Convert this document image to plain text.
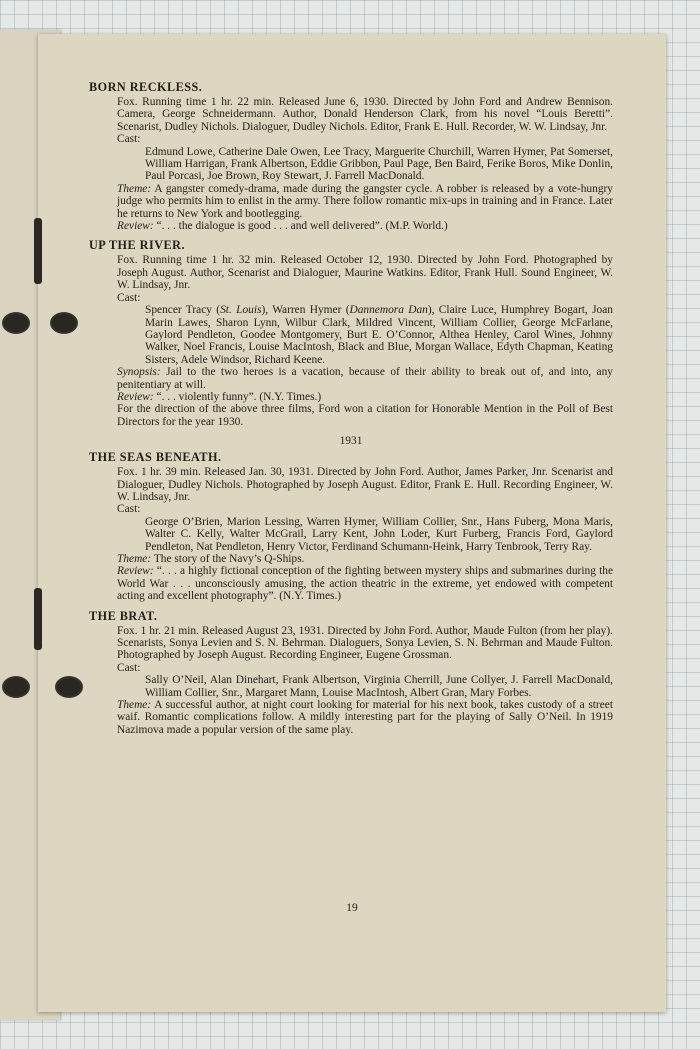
BORN RECKLESS.

Fox. Running time 1 hr. 22 min. Released June 6, 1930. Directed by John Ford and Andrew Bennison. Camera, George Schneidermann. Author, Donald Henderson Clark, from his novel “Louis Beretti”. Scenarist, Dudley Nichols. Dialoguer, Dudley Nichols. Editor, Frank E. Hull. Recorder, W. W. Lindsay, Jnr.

Cast:

Edmund Lowe, Catherine Dale Owen, Lee Tracy, Marguerite Churchill, Warren Hymer, Pat Somerset, William Harrigan, Frank Albertson, Eddie Gribbon, Paul Page, Ben Baird, Ferike Boros, Mike Donlin, Paul Porcasi, Joe Brown, Roy Stewart, J. Farrell MacDonald.

Theme: A gangster comedy-drama, made during the gangster cycle. A robber is released by a vote-hungry judge who permits him to enlist in the army. There follow romantic mix-ups in training and in France. Later he returns to New York and bootlegging.

Review: “. . . the dialogue is good . . . and well delivered”. (M.P. World.)

UP THE RIVER.

Fox. Running time 1 hr. 32 min. Released October 12, 1930. Directed by John Ford. Photographed by Joseph August. Author, Scenarist and Dialoguer, Maurine Watkins. Editor, Frank Hull. Sound Engineer, W. W. Lindsay, Jnr.

Cast:

Spencer Tracy (St. Louis), Warren Hymer (Dannemora Dan), Claire Luce, Humphrey Bogart, Joan Marin Lawes, Sharon Lynn, Wilbur Clark, Mildred Vincent, William Collier, George McFarlane, Gaylord Pendleton, Goodee Montgomery, Burt E. O’Connor, Althea Henley, Carol Wines, Johnny Walker, Noel Francis, Louise MacIntosh, Black and Blue, Morgan Wallace, Edyth Chapman, Keating Sisters, Adele Windsor, Richard Keene.

Synopsis: Jail to the two heroes is a vacation, because of their ability to break out of, and into, any penitentiary at will.

Review: “. . . violently funny”. (N.Y. Times.)

For the direction of the above three films, Ford won a citation for Honorable Mention in the Poll of Best Directors for the year 1930.

1931

THE SEAS BENEATH.

Fox. 1 hr. 39 min. Released Jan. 30, 1931. Directed by John Ford. Author, James Parker, Jnr. Scenarist and Dialoguer, Dudley Nichols. Photographed by Joseph August. Editor, Frank E. Hull. Recording Engineer, W. W. Lindsay, Jnr.

Cast:

George O’Brien, Marion Lessing, Warren Hymer, William Collier, Snr., Hans Fuberg, Mona Maris, Walter C. Kelly, Walter McGrail, Larry Kent, John Loder, Kurt Furberg, Francis Ford, Gaylord Pendleton, Nat Pendleton, Henry Victor, Ferdinand Schumann-Heink, Harry Tenbrook, Terry Ray.

Theme: The story of the Navy’s Q-Ships.

Review: “. . . a highly fictional conception of the fighting between mystery ships and submarines during the World War . . . unconsciously amusing, the action theatric in the extreme, yet endowed with competent acting and excellent photography”. (N.Y. Times.)

THE BRAT.

Fox. 1 hr. 21 min. Released August 23, 1931. Directed by John Ford. Author, Maude Fulton (from her play). Scenarists, Sonya Levien and S. N. Behrman. Dialoguers, Sonya Levien, S. N. Behrman and Maude Fulton. Photographed by Joseph August. Recording Engineer, Eugene Grossman.

Cast:

Sally O’Neil, Alan Dinehart, Frank Albertson, Virginia Cherrill, June Collyer, J. Farrell MacDonald, William Collier, Snr., Margaret Mann, Louise MacIntosh, Albert Gran, Mary Forbes.

Theme: A successful author, at night court looking for material for his next book, takes custody of a street waif. Romantic complications follow. A mildly interesting part for the playing of Sally O’Neil. In 1919 Nazimova made a popular version of the same play.

19
